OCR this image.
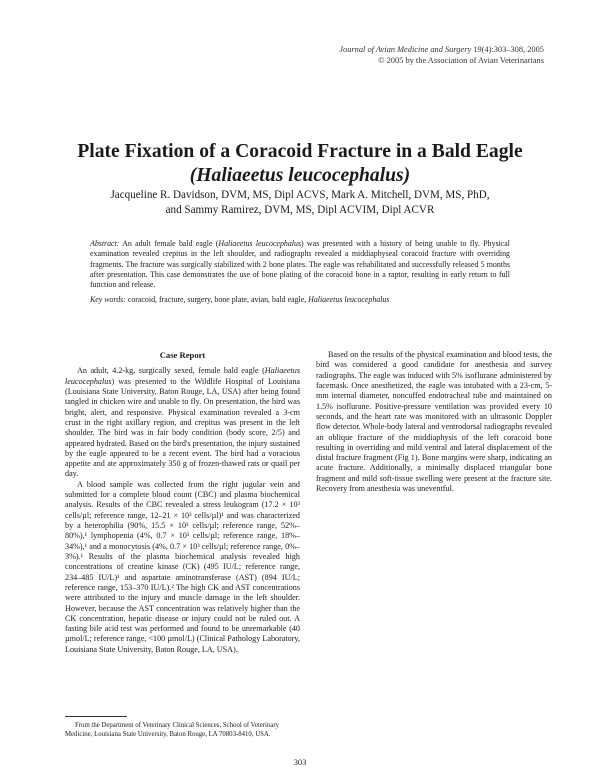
Journal of Avian Medicine and Surgery 19(4):303–308, 2005
© 2005 by the Association of Avian Veterinarians
Plate Fixation of a Coracoid Fracture in a Bald Eagle
(Haliaeetus leucocephalus)
Jacqueline R. Davidson, DVM, MS, Dipl ACVS, Mark A. Mitchell, DVM, MS, PhD,
and Sammy Ramirez, DVM, MS, Dipl ACVIM, Dipl ACVR
Abstract: An adult female bald eagle (Haliaeetus leucocephalus) was presented with a history of being unable to fly. Physical examination revealed crepitus in the left shoulder, and radiographs revealed a middiaphyseal coracoid fracture with overriding fragments. The fracture was surgically stabilized with 2 bone plates. The eagle was rehabilitated and successfully released 5 months after presentation. This case demonstrates the use of bone plating of the coracoid bone in a raptor, resulting in early return to full function and release.
Key words: coracoid, fracture, surgery, bone plate, avian, bald eagle, Haliaeetus leucocephalus
Case Report

An adult, 4.2-kg, surgically sexed, female bald eagle (Haliaeetus leucocephalus) was presented to the Wildlife Hospital of Louisiana (Louisiana State University, Baton Rouge, LA, USA) after being found tangled in chicken wire and unable to fly. On presentation, the bird was bright, alert, and responsive. Physical examination revealed a 3-cm crust in the right axillary region, and crepitus was present in the left shoulder. The bird was in fair body condition (body score, 2/5) and appeared hydrated. Based on the bird's presentation, the injury sustained by the eagle appeared to be a recent event. The bird had a voracious appetite and ate approximately 350 g of frozen-thawed rats or quail per day.

A blood sample was collected from the right jugular vein and submitted for a complete blood count (CBC) and plasma biochemical analysis. Results of the CBC revealed a stress leukogram (17.2 × 10³ cells/µl; reference range, 12–21 × 10³ cells/µl)¹ and was characterized by a heterophilia (90%, 15.5 × 10³ cells/µl; reference range, 52%–80%),¹ lymphopenia (4%, 0.7 × 10³ cells/µl; reference range, 18%–34%),¹ and a monocytosis (4%, 0.7 × 10³ cells/µl; reference range, 0%–3%).¹ Results of the plasma biochemical analysis revealed high concentrations of creatine kinase (CK) (495 IU/L; reference range, 234–485 IU/L)¹ and aspartate aminotransferase (AST) (894 IU/L; reference range, 153–370 IU/L).² The high CK and AST concentrations were attributed to the injury and muscle damage in the left shoulder. However, because the AST concentration was relatively higher than the CK concentration, hepatic disease or injury could not be ruled out. A fasting bile acid test was performed and found to be unremarkable (40 µmol/L; reference range, <100 µmol/L) (Clinical Pathology Laboratory, Louisiana State University, Baton Rouge, LA, USA).

Based on the results of the physical examination and blood tests, the bird was considered a good candidate for anesthesia and survey radiographs. The eagle was induced with 5% isoflurane administered by facemask. Once anesthetized, the eagle was intubated with a 23-cm, 5-mm internal diameter, noncuffed endotracheal tube and maintained on 1.5% isoflurane. Positive-pressure ventilation was provided every 10 seconds, and the heart rate was monitored with an ultrasonic Doppler flow detector. Whole-body lateral and ventrodorsal radiographs revealed an oblique fracture of the middiaphysis of the left coracoid bone resulting in overriding and mild ventral and lateral displacement of the distal fracture fragment (Fig 1). Bone margins were sharp, indicating an acute fracture. Additionally, a minimally displaced triangular bone fragment and mild soft-tissue swelling were present at the fracture site. Recovery from anesthesia was uneventful.

From the Department of Veterinary Clinical Sciences, School of Veterinary Medicine, Louisiana State University, Baton Rouge, LA 70803-8410, USA.

303
